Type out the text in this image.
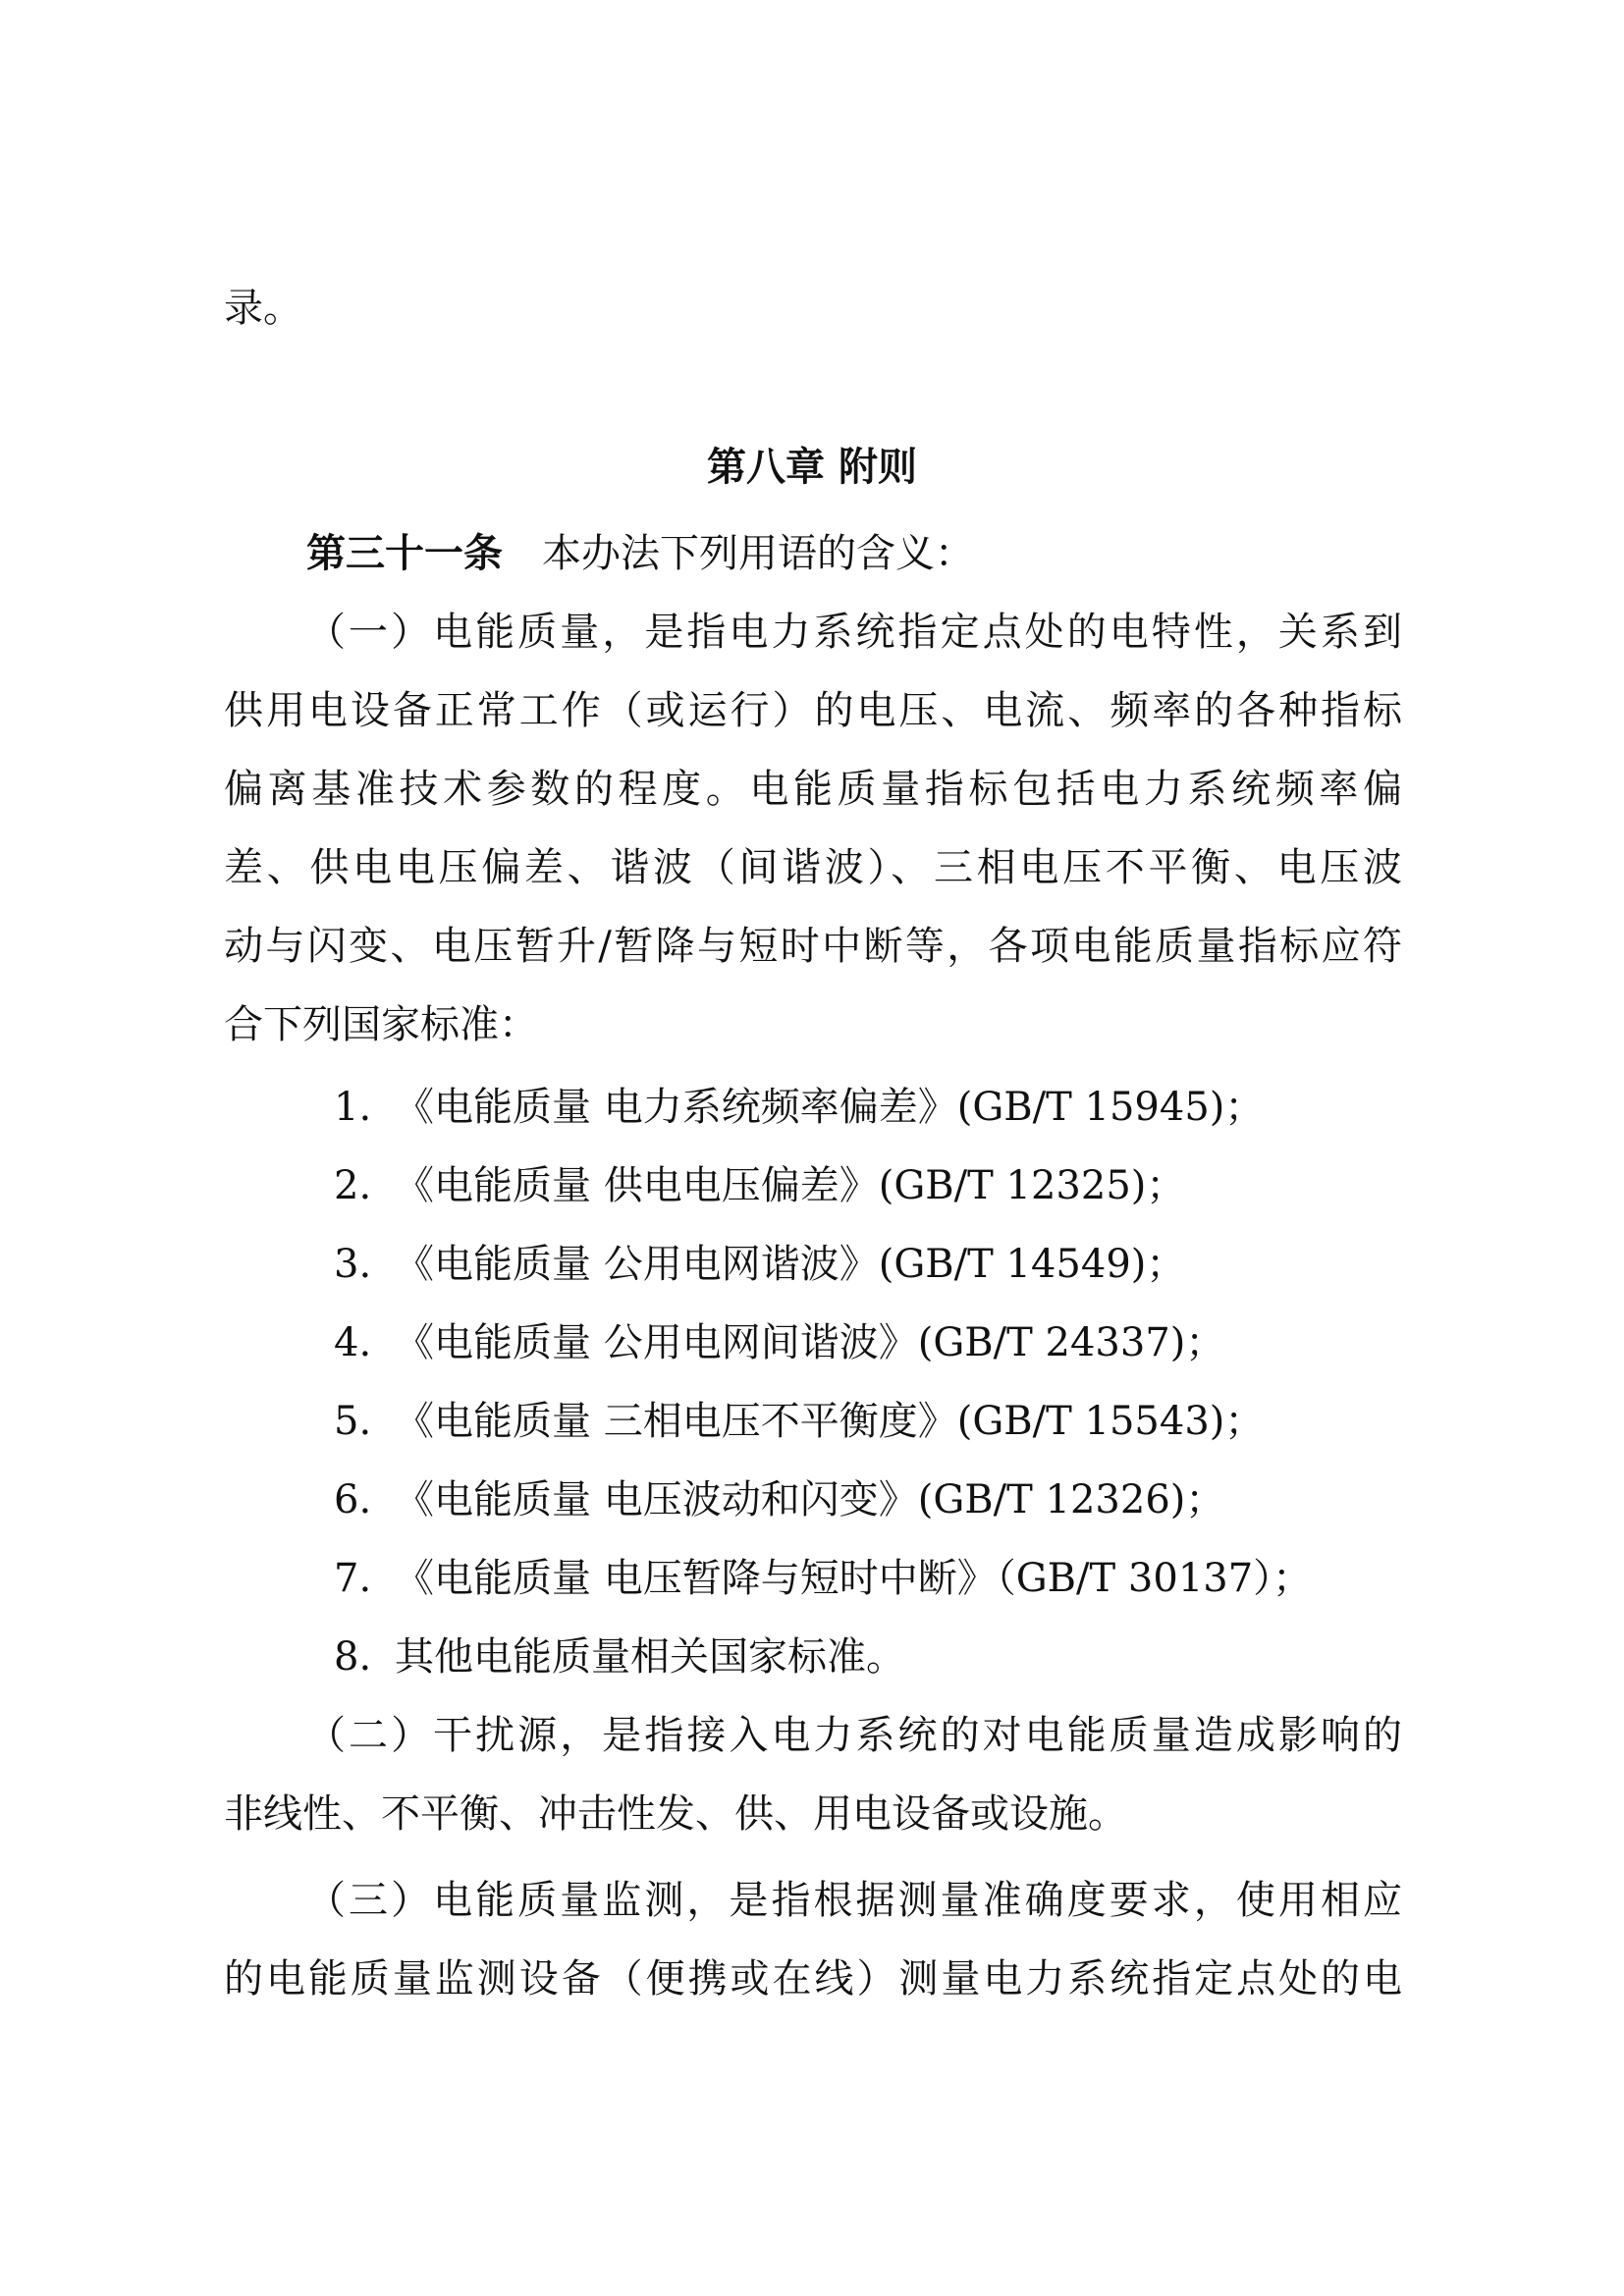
录。
第八章 附则
第三十一条　 本办法下列用语的含义：
（一）电能质量，是指电力系统指定点处的电特性，关系到
供用电设备正常工作（或运行）的电压、电流、频率的各种指标
偏离基准技术参数的程度。电能质量指标包括电力系统频率偏
差、供电电压偏差、谐波（间谐波）、三相电压不平衡、电压波
动与闪变、电压暂升/暂降与短时中断等，各项电能质量指标应符
合下列国家标准：
1. 《电能质量 电力系统频率偏差》(GB/T 15945)；
2. 《电能质量 供电电压偏差》(GB/T 12325)；
3. 《电能质量 公用电网谐波》(GB/T 14549)；
4. 《电能质量 公用电网间谐波》(GB/T 24337)；
5. 《电能质量 三相电压不平衡度》(GB/T 15543)；
6. 《电能质量 电压波动和闪变》(GB/T 12326)；
7. 《电能质量 电压暂降与短时中断》（GB/T 30137）；
8. 其他电能质量相关国家标准。
（二）干扰源，是指接入电力系统的对电能质量造成影响的
非线性、不平衡、冲击性发、供、用电设备或设施。
（三）电能质量监测，是指根据测量准确度要求，使用相应
的电能质量监测设备（便携或在线）测量电力系统指定点处的电
